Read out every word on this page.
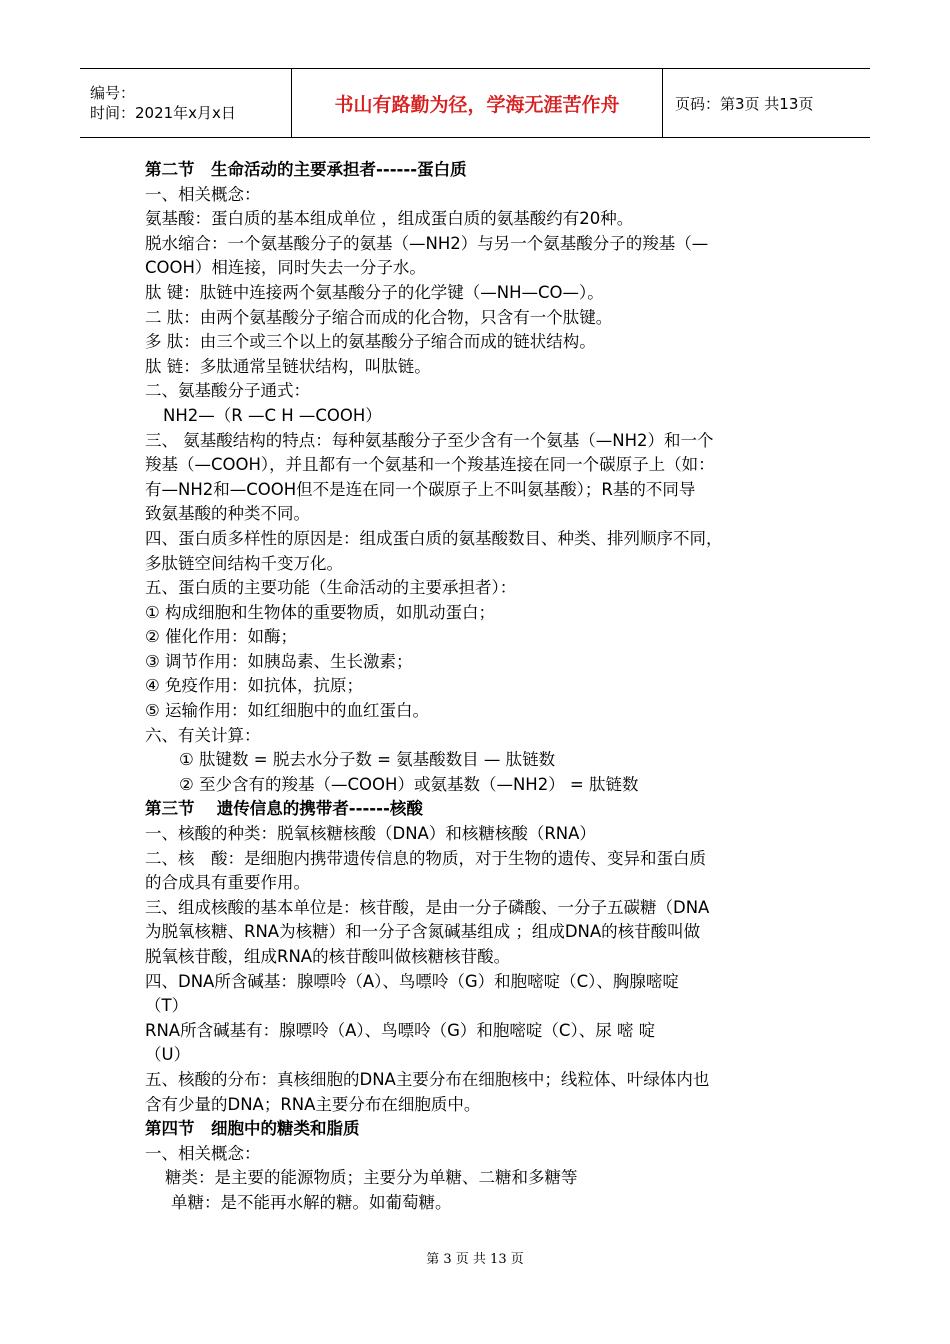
编号：
时间：2021年x月x日	书山有路勤为径，学海无涯苦作舟	页码：第3页 共13页
第二节　生命活动的主要承担者------蛋白质
一、相关概念：
氨基酸：蛋白质的基本组成单位 ，组成蛋白质的氨基酸约有20种。
脱水缩合：一个氨基酸分子的氨基（—NH2）与另一个氨基酸分子的羧基（—
COOH）相连接，同时失去一分子水。
肽 键：肽链中连接两个氨基酸分子的化学键（—NH—CO—）。
二 肽：由两个氨基酸分子缩合而成的化合物，只含有一个肽键。
多 肽：由三个或三个以上的氨基酸分子缩合而成的链状结构。
肽 链：多肽通常呈链状结构，叫肽链。
二、氨基酸分子通式：
NH2—（R —C H —COOH）
三、 氨基酸结构的特点：每种氨基酸分子至少含有一个氨基（—NH2）和一个
羧基（—COOH），并且都有一个氨基和一个羧基连接在同一个碳原子上（如：
有—NH2和—COOH但不是连在同一个碳原子上不叫氨基酸）；R基的不同导
致氨基酸的种类不同。
四、蛋白质多样性的原因是：组成蛋白质的氨基酸数目、种类、排列顺序不同，
多肽链空间结构千变万化。
五、蛋白质的主要功能（生命活动的主要承担者）：
① 构成细胞和生物体的重要物质，如肌动蛋白；
② 催化作用：如酶；
③ 调节作用：如胰岛素、生长激素；
④ 免疫作用：如抗体，抗原；
⑤ 运输作用：如红细胞中的血红蛋白。
六、有关计算：
① 肽键数 = 脱去水分子数 = 氨基酸数目 — 肽链数
② 至少含有的羧基（—COOH）或氨基数（—NH2） = 肽链数
第三节　 遗传信息的携带者------核酸
一、核酸的种类：脱氧核糖核酸（DNA）和核糖核酸（RNA）
二、核　酸：是细胞内携带遗传信息的物质，对于生物的遗传、变异和蛋白质
的合成具有重要作用。
三、组成核酸的基本单位是：核苷酸，是由一分子磷酸、一分子五碳糖（DNA
为脱氧核糖、RNA为核糖）和一分子含氮碱基组成 ；组成DNA的核苷酸叫做
脱氧核苷酸，组成RNA的核苷酸叫做核糖核苷酸。
四、DNA所含碱基：腺嘌呤（A）、鸟嘌呤（G）和胞嘧啶（C）、胸腺嘧啶
（T）
RNA所含碱基有：腺嘌呤（A）、鸟嘌呤（G）和胞嘧啶（C）、尿 嘧 啶
（U）
五、核酸的分布：真核细胞的DNA主要分布在细胞核中；线粒体、叶绿体内也
含有少量的DNA；RNA主要分布在细胞质中。
第四节　细胞中的糖类和脂质
一、相关概念：
糖类：是主要的能源物质；主要分为单糖、二糖和多糖等
单糖：是不能再水解的糖。如葡萄糖。
第 3 页 共 13 页
